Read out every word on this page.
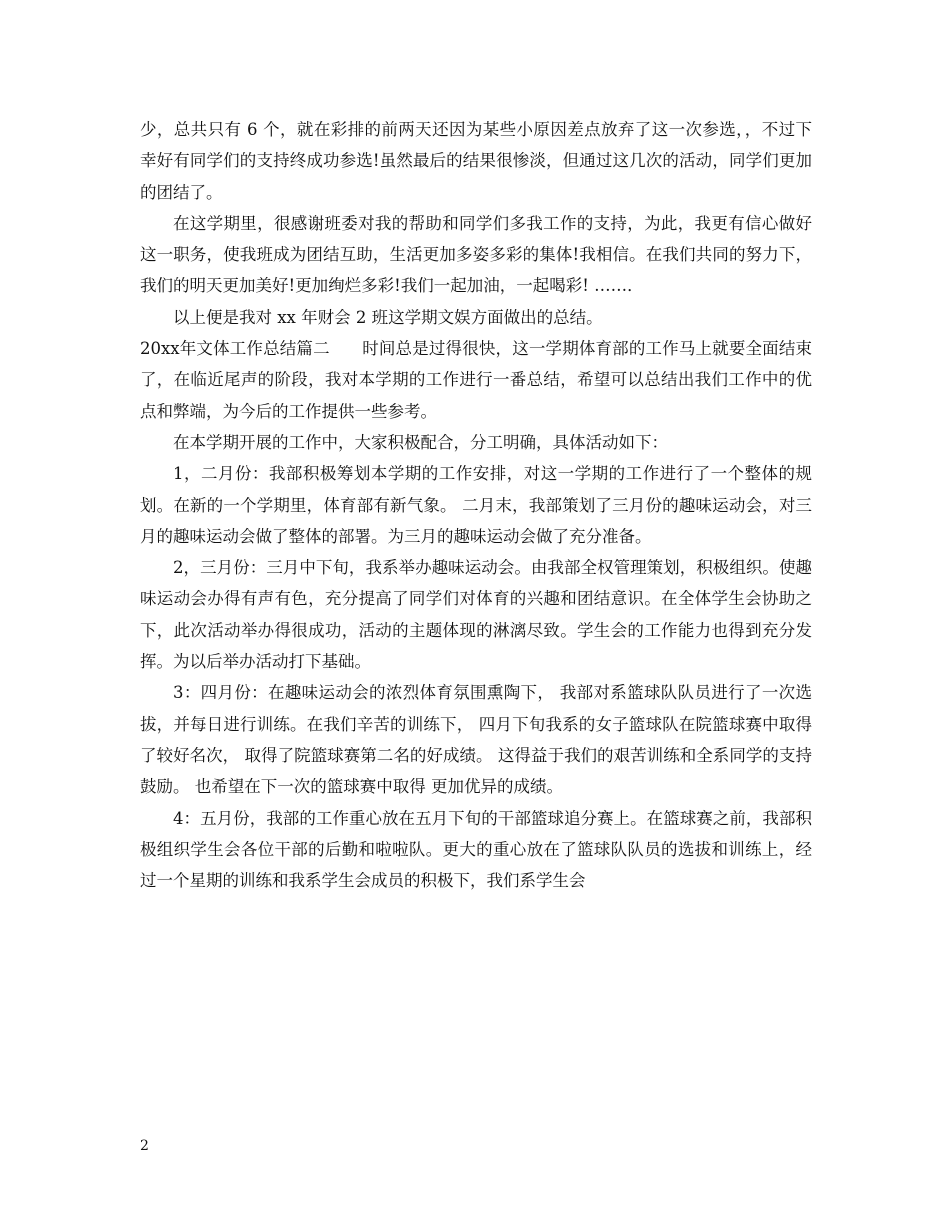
少，总共只有 6 个，就在彩排的前两天还因为某些小原因差点放弃了这一次参选，，不过下幸好有同学们的支持终成功参选!虽然最后的结果很惨淡，但通过这几次的活动，同学们更加的团结了。

在这学期里，很感谢班委对我的帮助和同学们多我工作的支持，为此，我更有信心做好这一职务，使我班成为团结互助，生活更加多姿多彩的集体!我相信。在我们共同的努力下，我们的明天更加美好!更加绚烂多彩!我们一起加油，一起喝彩! ……．

以上便是我对 xx 年财会 2 班这学期文娱方面做出的总结。

20xx年文体工作总结篇二      时间总是过得很快，这一学期体育部的工作马上就要全面结束了，在临近尾声的阶段，我对本学期的工作进行一番总结，希望可以总结出我们工作中的优点和弊端，为今后的工作提供一些参考。

在本学期开展的工作中，大家积极配合，分工明确，具体活动如下：

1，二月份：我部积极筹划本学期的工作安排，对这一学期的工作进行了一个整体的规划。在新的一个学期里，体育部有新气象。 二月末，我部策划了三月份的趣味运动会，对三月的趣味运动会做了整体的部署。为三月的趣味运动会做了充分准备。

2，三月份：三月中下旬，我系举办趣味运动会。由我部全权管理策划，积极组织。使趣味运动会办得有声有色，充分提高了同学们对体育的兴趣和团结意识。在全体学生会协助之下，此次活动举办得很成功，活动的主题体现的淋漓尽致。学生会的工作能力也得到充分发挥。为以后举办活动打下基础。

3：四月份：在趣味运动会的浓烈体育氛围熏陶下， 我部对系篮球队队员进行了一次选拔，并每日进行训练。在我们辛苦的训练下， 四月下旬我系的女子篮球队在院篮球赛中取得了较好名次， 取得了院篮球赛第二名的好成绩。 这得益于我们的艰苦训练和全系同学的支持鼓励。 也希望在下一次的篮球赛中取得 更加优异的成绩。

4：五月份，我部的工作重心放在五月下旬的干部篮球追分赛上。在篮球赛之前，我部积极组织学生会各位干部的后勤和啦啦队。更大的重心放在了篮球队队员的选拔和训练上，经过一个星期的训练和我系学生会成员的积极下，我们系学生会

2
